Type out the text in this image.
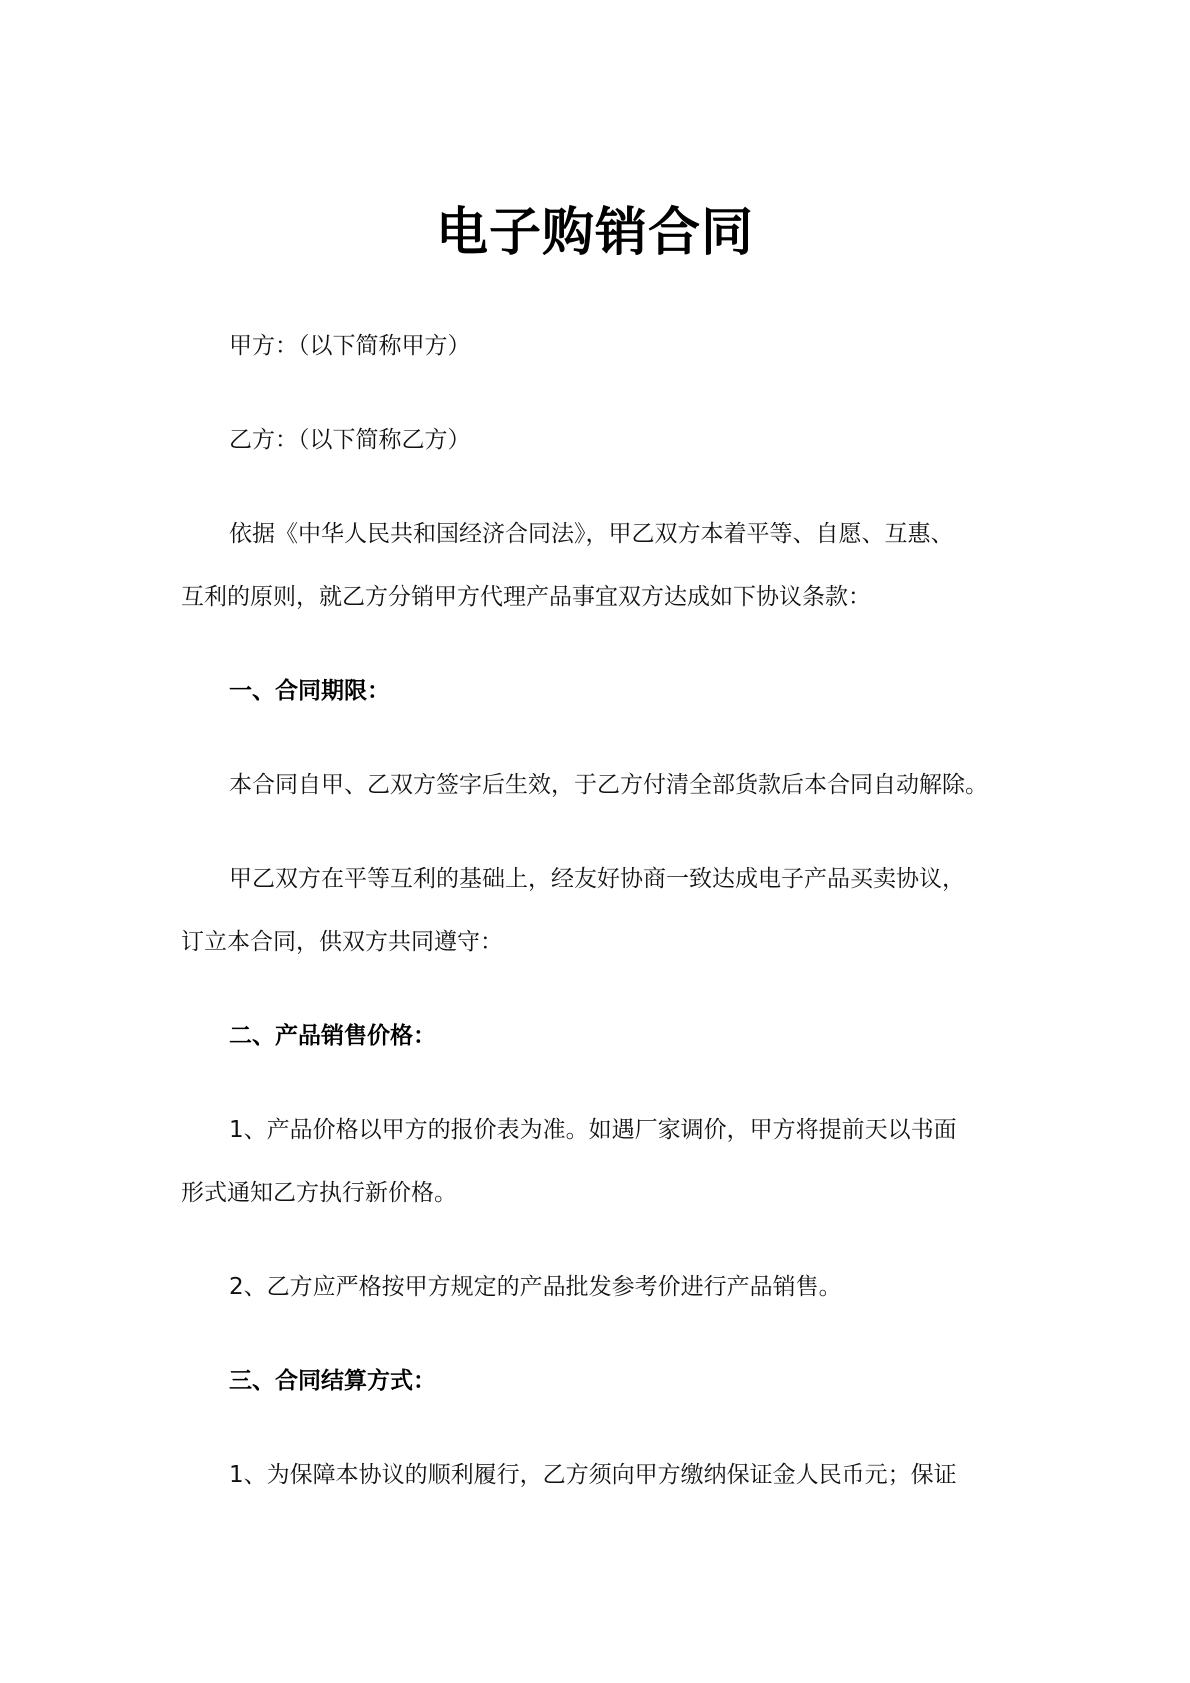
电子购销合同
甲方：（以下简称甲方）
乙方：（以下简称乙方）
依据《中华人民共和国经济合同法》，甲乙双方本着平等、自愿、互惠、
互利的原则，就乙方分销甲方代理产品事宜双方达成如下协议条款：
一、合同期限：
本合同自甲、乙双方签字后生效，于乙方付清全部货款后本合同自动解除。
甲乙双方在平等互利的基础上，经友好协商一致达成电子产品买卖协议，
订立本合同，供双方共同遵守：
二、产品销售价格：
1、产品价格以甲方的报价表为准。如遇厂家调价，甲方将提前天以书面
形式通知乙方执行新价格。
2、乙方应严格按甲方规定的产品批发参考价进行产品销售。
三、合同结算方式：
1、为保障本协议的顺利履行，乙方须向甲方缴纳保证金人民币元；保证
